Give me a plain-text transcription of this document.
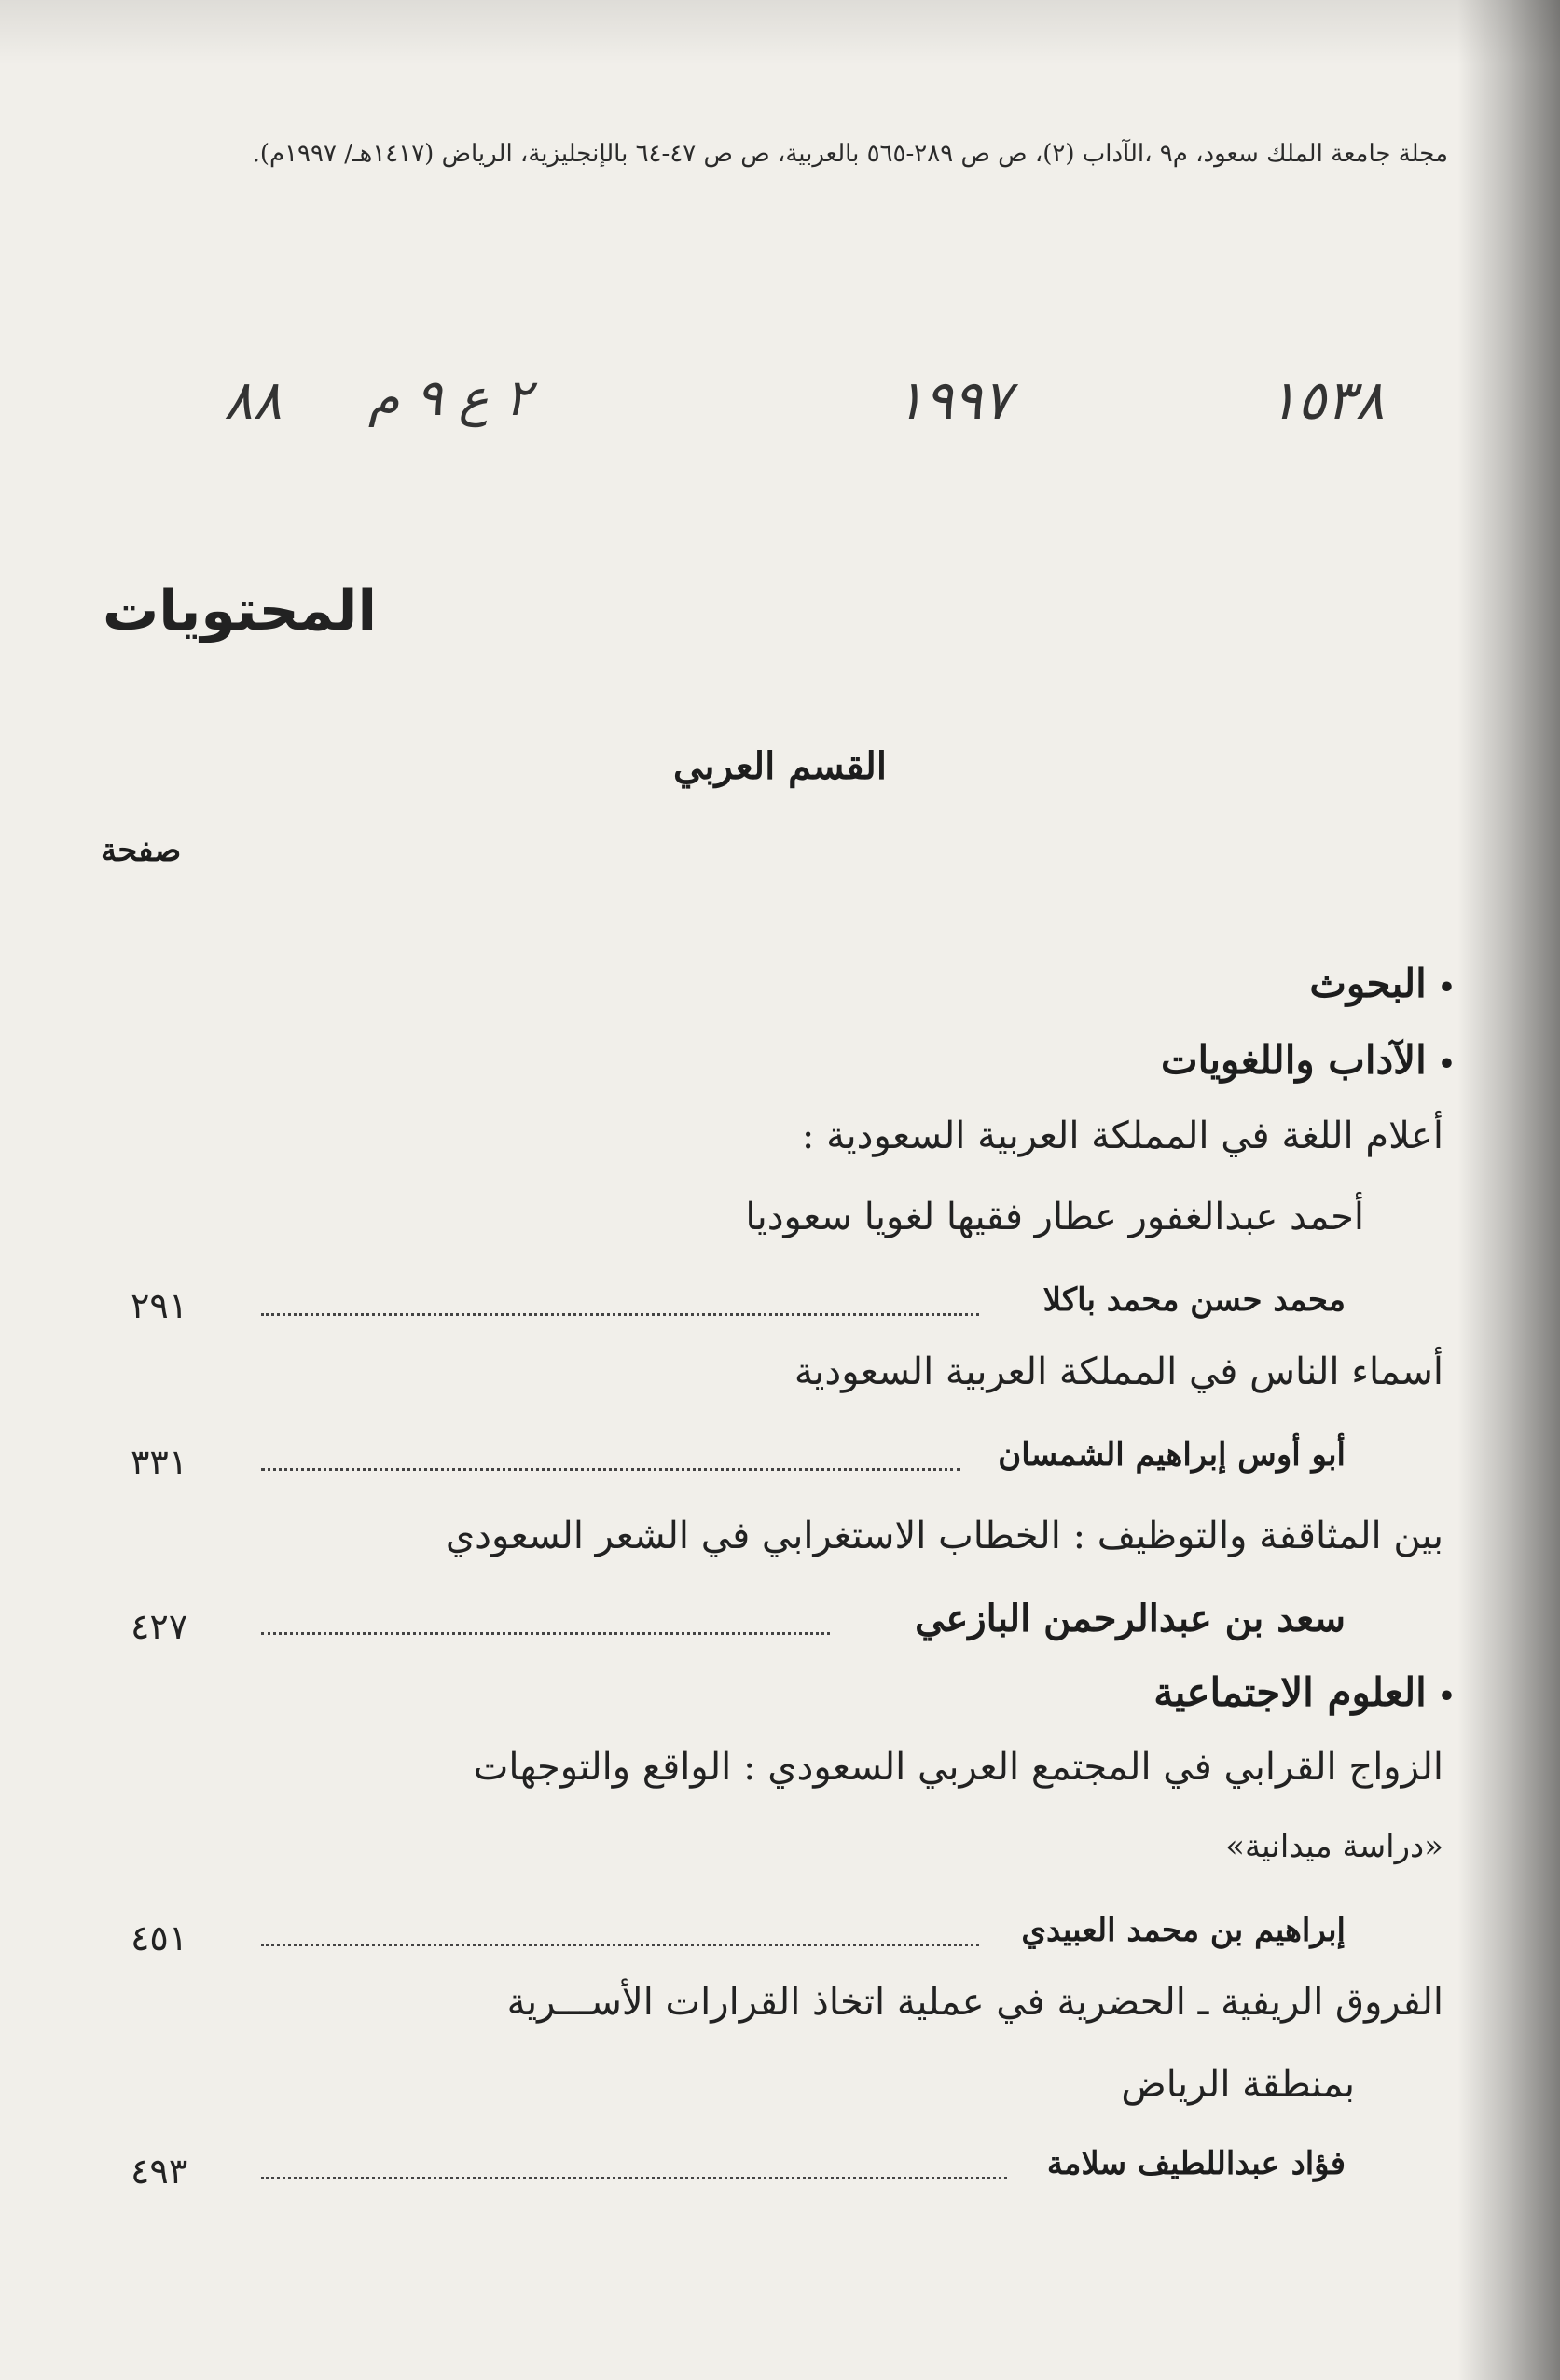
مجلة جامعة الملك سعود، م٩ ،الآداب (٢)، ص ص ٢٨٩-٥٦٥ بالعربية، ص ص ٤٧-٦٤ بالإنجليزية، الرياض (١٤١٧هـ/ ١٩٩٧م).
٨٨ ٢ ع ٩ م	١٩٩٧	١٥٣٨
المحتويات
القسم العربي
صفحة
•البحوث
•الآداب واللغويات
أعلام اللغة في المملكة العربية السعودية :
أحمد عبدالغفور عطار فقيها لغويا سعوديا
محمد حسن محمد باكلا
٢٩١
أسماء الناس في المملكة العربية السعودية
أبو أوس إبراهيم الشمسان
٣٣١
بين المثاقفة والتوظيف : الخطاب الاستغرابي في الشعر السعودي
سعد بن عبدالرحمن البازعي
٤٢٧
•العلوم الاجتماعية
الزواج القرابي في المجتمع العربي السعودي : الواقع والتوجهات
«دراسة ميدانية»
إبراهيم بن محمد العبيدي
٤٥١
الفروق الريفية ـ الحضرية في عملية اتخاذ القرارات الأســـرية
بمنطقة الرياض
فؤاد عبداللطيف سلامة
٤٩٣
